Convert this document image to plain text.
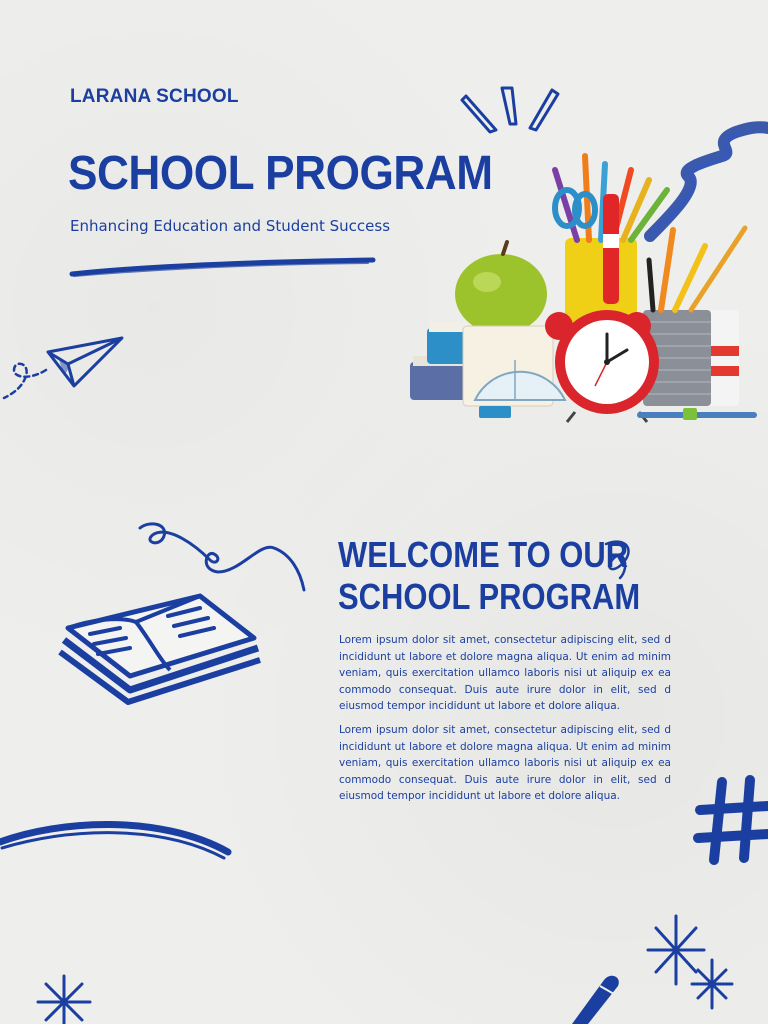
LARANA SCHOOL
SCHOOL PROGRAM
Enhancing Education and Student Success
WELCOME TO OUR
SCHOOL PROGRAM
Lorem ipsum dolor sit amet, consectetur adipiscing elit, sed d incididunt ut labore et dolore magna aliqua. Ut enim ad minim veniam, quis exercitation ullamco laboris nisi ut aliquip ex ea commodo consequat. Duis aute irure dolor in elit, sed d eiusmod tempor incididunt ut labore et dolore aliqua.
Lorem ipsum dolor sit amet, consectetur adipiscing elit, sed d incididunt ut labore et dolore magna aliqua. Ut enim ad minim veniam, quis exercitation ullamco laboris nisi ut aliquip ex ea commodo consequat. Duis aute irure dolor in elit, sed d eiusmod tempor incididunt ut labore et dolore aliqua.
